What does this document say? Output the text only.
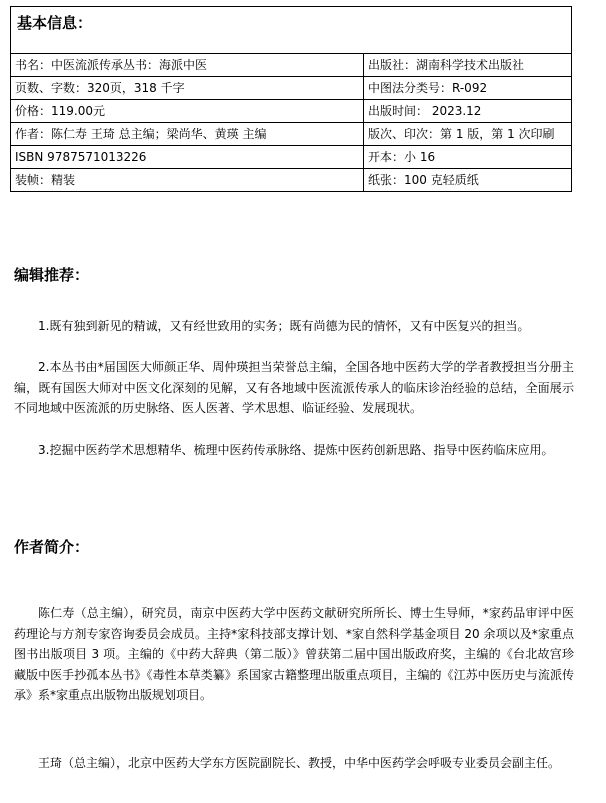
基本信息：	
书名：中医流派传承丛书：海派中医	出版社：湖南科学技术出版社
页数、字数：320页，318 千字	中图法分类号：R-092
价格：119.00元	出版时间： 2023.12
作者：陈仁寿 王琦 总主编；梁尚华、黄瑛 主编	版次、印次：第 1 版，第 1 次印刷
ISBN 9787571013226	开本：小 16
装帧：精装	纸张：100 克轻质纸
编辑推荐：
1.既有独到新见的精诚，又有经世致用的实务；既有尚德为民的情怀，又有中医复兴的担当。
2.本丛书由*届国医大师颜正华、周仲瑛担当荣誉总主编，全国各地中医药大学的学者教授担当分册主编，既有国医大师对中医文化深刻的见解，又有各地域中医流派传承人的临床诊治经验的总结，全面展示不同地域中医流派的历史脉络、医人医著、学术思想、临证经验、发展现状。
3.挖掘中医药学术思想精华、梳理中医药传承脉络、提炼中医药创新思路、指导中医药临床应用。
作者简介：
陈仁寿（总主编），研究员，南京中医药大学中医药文献研究所所长、博士生导师，*家药品审评中医药理论与方剂专家咨询委员会成员。主持*家科技部支撑计划、*家自然科学基金项目 20 余项以及*家重点图书出版项目 3 项。主编的《中药大辞典（第二版）》曾获第二届中国出版政府奖，主编的《台北故宫珍藏版中医手抄孤本丛书》《毒性本草类纂》系国家古籍整理出版重点项目，主编的《江苏中医历史与流派传承》系*家重点出版物出版规划项目。
王琦（总主编），北京中医药大学东方医院副院长、教授，中华中医药学会呼吸专业委员会副主任。
